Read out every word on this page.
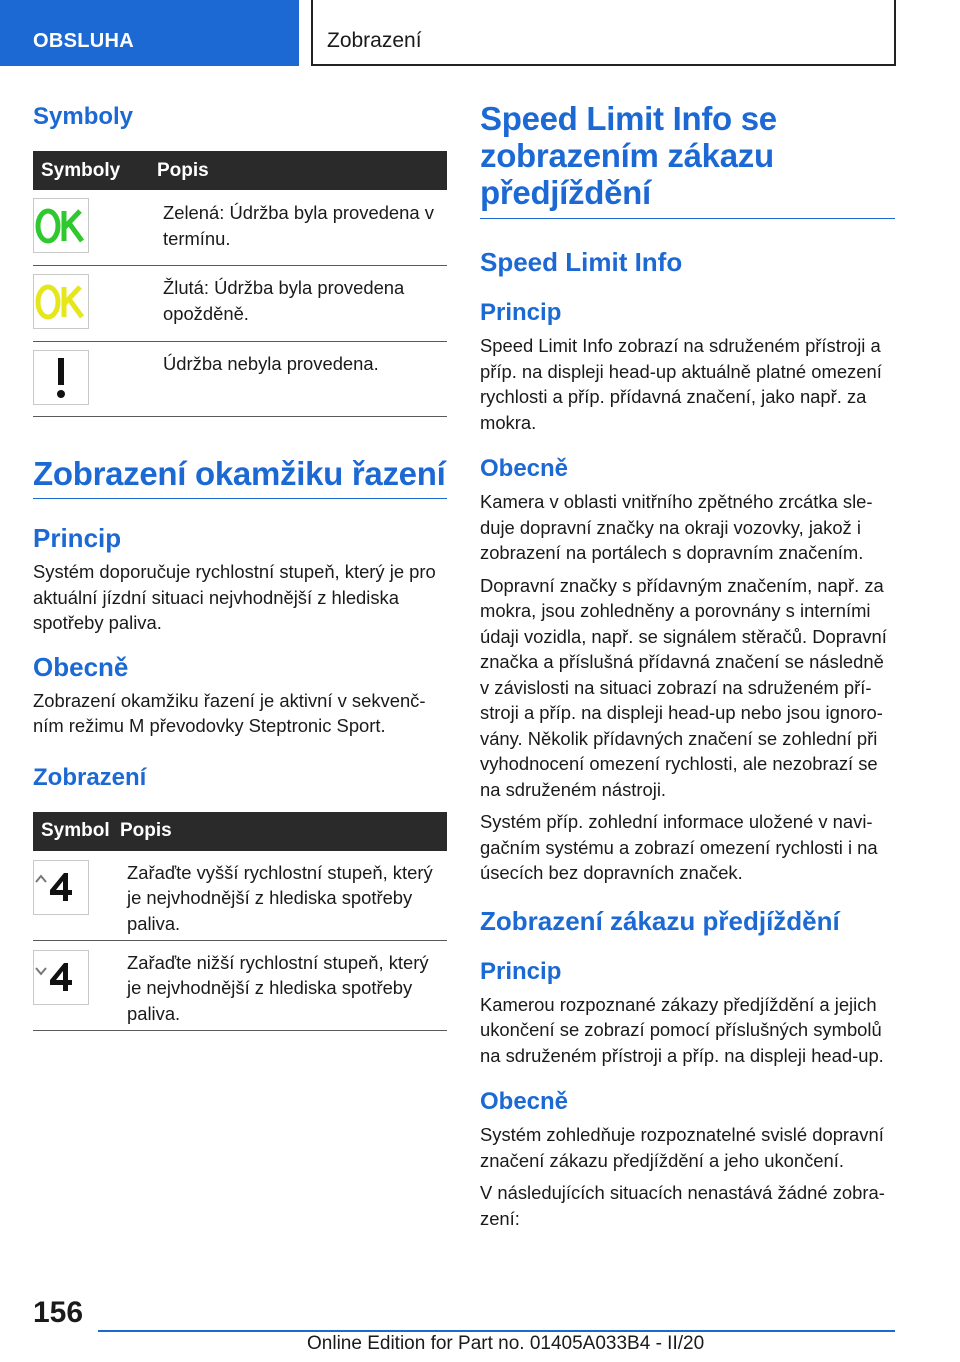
OBSLUHA	Zobrazení
Symboly
Symboly	Popis
Zelená: Údržba byla provedena v termínu.
Žlutá: Údržba byla provedena opožděně.
Údržba nebyla provedena.
Zobrazení okamžiku řazení
Princip

Systém doporučuje rychlostní stupeň, který je pro aktuální jízdní situaci nejvhodnější z hlediska spotřeby paliva.

Obecně

Zobrazení okamžiku řazení je aktivní v sekvenčním režimu M převodovky Steptronic Sport.

Zobrazení
Symbol Popis
Zařaďte vyšší rychlostní stupeň, který je nejvhodnější z hlediska spotřeby paliva.
Zařaďte nižší rychlostní stupeň, který je nejvhodnější z hlediska spotřeby paliva.
Speed Limit Info se zobrazením zákazu předjíždění
Speed Limit Info
Princip

Speed Limit Info zobrazí na sdruženém přístroji a příp. na displeji head-up aktuálně platné omezení rychlosti a příp. přídavná značení, jako např. za mokra.

Obecně

Kamera v oblasti vnitřního zpětného zrcátka sleduje dopravní značky na okraji vozovky, jakož i zobrazení na portálech s dopravním značením.

Dopravní značky s přídavným značením, např. za mokra, jsou zohledněny a porovnány s interními údaji vozidla, např. se signálem stěračů. Dopravní značka a příslušná přídavná značení se následně v závislosti na situaci zobrazí na sdruženém přístroji a příp. na displeji head-up nebo jsou ignorovány. Několik přídavných značení se zohlední při vyhodnocení omezení rychlosti, ale nezobrazí se na sdruženém nástroji.

Systém příp. zohlední informace uložené v navigačním systému a zobrazí omezení rychlosti i na úsecích bez dopravních značek.

Zobrazení zákazu předjíždění
Princip

Kamerou rozpoznané zákazy předjíždění a jejich ukončení se zobrazí pomocí příslušných symbolů na sdruženém přístroji a příp. na displeji head-up.

Obecně

Systém zohledňuje rozpoznatelné svislé dopravní značení zákazu předjíždění a jeho ukončení.

V následujících situacích nenastává žádné zobrazení:

156
Online Edition for Part no. 01405A033B4 - II/20
